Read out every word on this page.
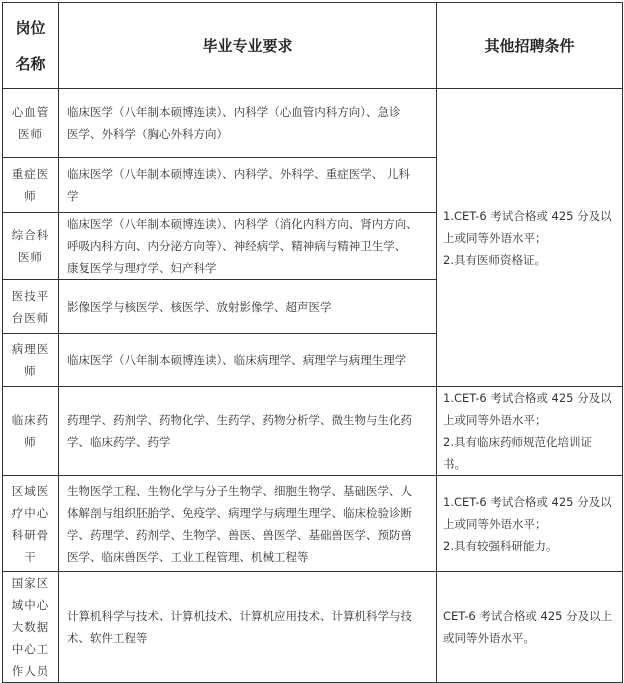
岗位
名称	毕业专业要求	其他招聘条件

心血管
医师	临床医学（八年制本硕博连读）、内科学（心血管内科方向）、急诊
医学、外科学（胸心外科方向）	1.CET-6 考试合格或 425 分及以
上或同等外语水平；
2.具有医师资格证。

重症医
师	临床医学（八年制本硕博连读）、内科学、外科学、重症医学、 儿科
学	

综合科
医师	临床医学（八年制本硕博连读）、内科学（消化内科方向、肾内方向、
呼吸内科方向、内分泌方向等）、神经病学、精神病与精神卫生学、
康复医学与理疗学、妇产科学	

医技平
台医师	影像医学与核医学、核医学、放射影像学、超声医学	

病理医
师	临床医学（八年制本硕博连读）、临床病理学、病理学与病理生理学	

临床药
师	药理学、药剂学、药物化学、生药学、药物分析学、微生物与生化药
学、临床药学、药学	1.CET-6 考试合格或 425 分及以
上或同等外语水平；
2.具有临床药师规范化培训证
书。

区域医
疗中心
科研骨
干	生物医学工程、生物化学与分子生物学、细胞生物学、基础医学、人
体解剖与组织胚胎学、免疫学、病理学与病理生理学、临床检验诊断
学、药理学、药剂学、生物学、兽医、兽医学、基础兽医学、预防兽
医学、临床兽医学、工业工程管理、机械工程等	1.CET-6 考试合格或 425 分及以
上或同等外语水平；
2.具有较强科研能力。

国家区
域中心
大数据
中心工
作人员	计算机科学与技术、计算机技术、计算机应用技术、计算机科学与技
术、软件工程等	CET-6 考试合格或 425 分及以上
或同等外语水平。
